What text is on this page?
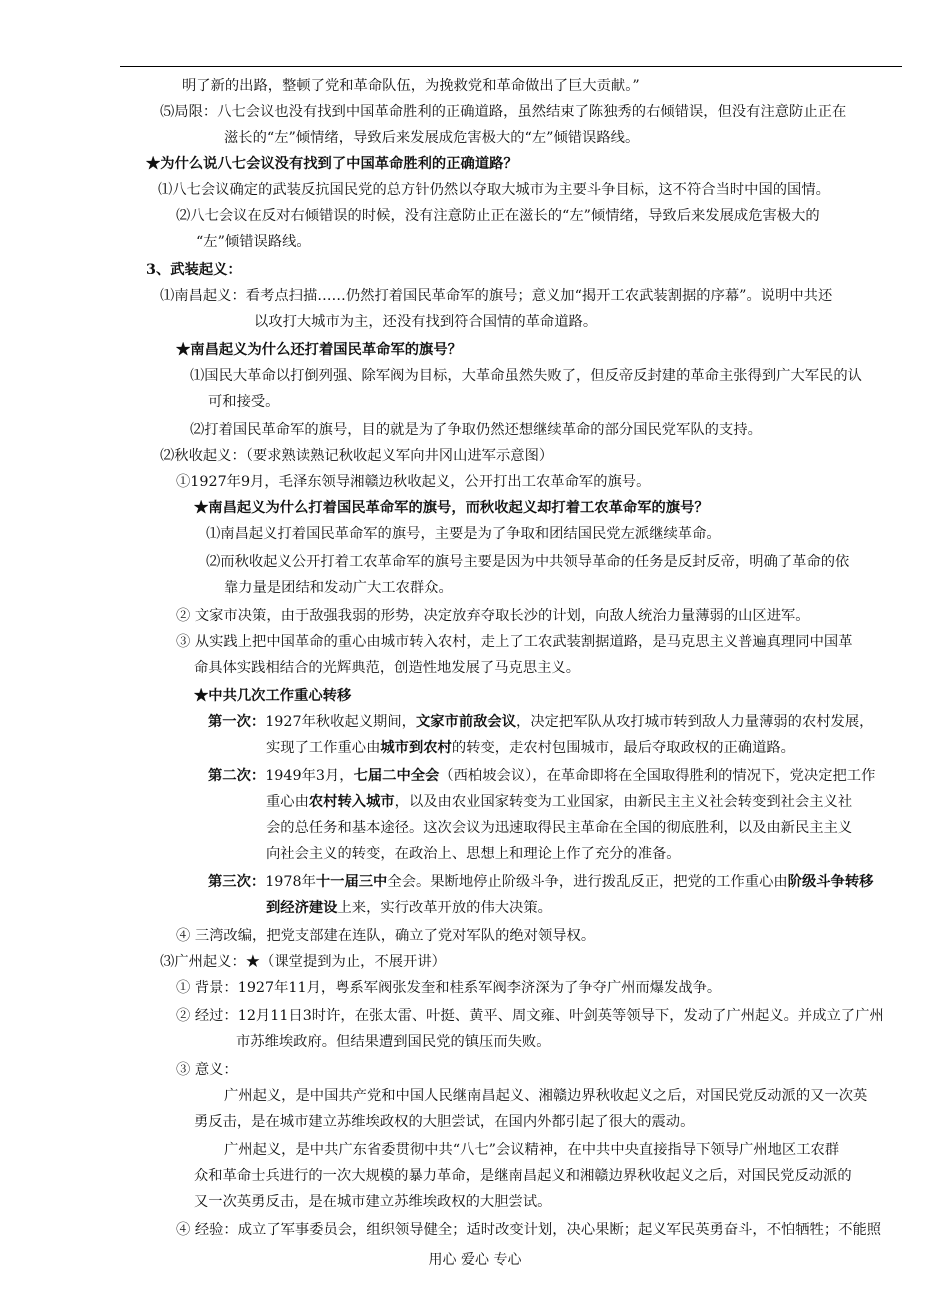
明了新的出路，整顿了党和革命队伍，为挽救党和革命做出了巨大贡献。”
⑸局限：八七会议也没有找到中国革命胜利的正确道路，虽然结束了陈独秀的右倾错误，但没有注意防止正在
滋长的“左”倾情绪，导致后来发展成危害极大的“左”倾错误路线。
★为什么说八七会议没有找到了中国革命胜利的正确道路？
⑴八七会议确定的武装反抗国民党的总方针仍然以夺取大城市为主要斗争目标，这不符合当时中国的国情。
⑵八七会议在反对右倾错误的时候，没有注意防止正在滋长的“左”倾情绪，导致后来发展成危害极大的
“左”倾错误路线。
3、武装起义：
⑴南昌起义：看考点扫描……仍然打着国民革命军的旗号；意义加“揭开工农武装割据的序幕”。说明中共还
以攻打大城市为主，还没有找到符合国情的革命道路。
★南昌起义为什么还打着国民革命军的旗号？
⑴国民大革命以打倒列强、除军阀为目标，大革命虽然失败了，但反帝反封建的革命主张得到广大军民的认
可和接受。
⑵打着国民革命军的旗号，目的就是为了争取仍然还想继续革命的部分国民党军队的支持。
⑵秋收起义：（要求熟读熟记秋收起义军向井冈山进军示意图）
①1927年9月，毛泽东领导湘赣边秋收起义，公开打出工农革命军的旗号。
★南昌起义为什么打着国民革命军的旗号，而秋收起义却打着工农革命军的旗号？
⑴南昌起义打着国民革命军的旗号，主要是为了争取和团结国民党左派继续革命。
⑵而秋收起义公开打着工农革命军的旗号主要是因为中共领导革命的任务是反封反帝，明确了革命的依
靠力量是团结和发动广大工农群众。
② 文家市决策，由于敌强我弱的形势，决定放弃夺取长沙的计划，向敌人统治力量薄弱的山区进军。
③ 从实践上把中国革命的重心由城市转入农村，走上了工农武装割据道路，是马克思主义普遍真理同中国革
命具体实践相结合的光辉典范，创造性地发展了马克思主义。
★中共几次工作重心转移
第一次：1927年秋收起义期间，文家市前敌会议，决定把军队从攻打城市转到敌人力量薄弱的农村发展，
实现了工作重心由城市到农村的转变，走农村包围城市，最后夺取政权的正确道路。
第二次：1949年3月，七届二中全会（西柏坡会议），在革命即将在全国取得胜利的情况下，党决定把工作
重心由农村转入城市，以及由农业国家转变为工业国家，由新民主主义社会转变到社会主义社
会的总任务和基本途径。这次会议为迅速取得民主革命在全国的彻底胜利，以及由新民主主义
向社会主义的转变，在政治上、思想上和理论上作了充分的准备。
第三次：1978年十一届三中全会。果断地停止阶级斗争，进行拨乱反正，把党的工作重心由阶级斗争转移
到经济建设上来，实行改革开放的伟大决策。
④ 三湾改编，把党支部建在连队，确立了党对军队的绝对领导权。
⑶广州起义：★（课堂提到为止，不展开讲）
① 背景：1927年11月，粤系军阀张发奎和桂系军阀李济深为了争夺广州而爆发战争。
② 经过：12月11日3时许，在张太雷、叶挺、黄平、周文雍、叶剑英等领导下，发动了广州起义。并成立了广州
市苏维埃政府。但结果遭到国民党的镇压而失败。
③ 意义：
广州起义，是中国共产党和中国人民继南昌起义、湘赣边界秋收起义之后，对国民党反动派的又一次英
勇反击，是在城市建立苏维埃政权的大胆尝试，在国内外都引起了很大的震动。
广州起义，是中共广东省委贯彻中共“八七”会议精神，在中共中央直接指导下领导广州地区工农群
众和革命士兵进行的一次大规模的暴力革命，是继南昌起义和湘赣边界秋收起义之后，对国民党反动派的
又一次英勇反击，是在城市建立苏维埃政权的大胆尝试。
④ 经验：成立了军事委员会，组织领导健全；适时改变计划，决心果断；起义军民英勇奋斗，不怕牺牲；不能照
用心 爱心 专心
